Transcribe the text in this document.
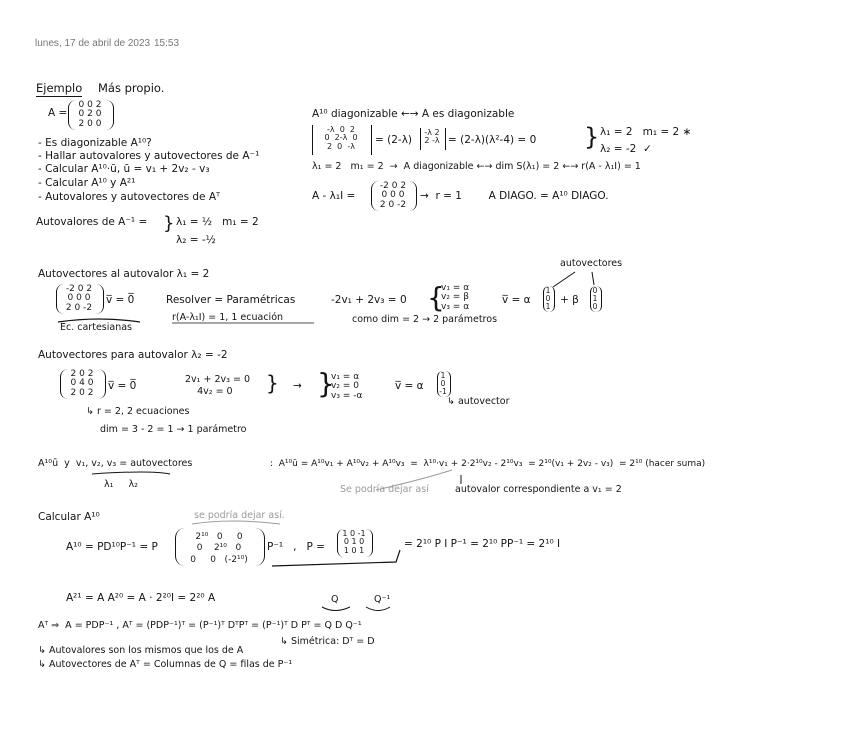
lunes, 17 de abril de 2023 15:53
Ejemplo Más propio.
A =
0 0 2
0 2 0
2 0 0
- Es diagonizable A¹⁰?
- Hallar autovalores y autovectores de A⁻¹
- Calcular A¹⁰·ū, ū = v₁ + 2v₂ - v₃
- Calcular A¹⁰ y A²¹
- Autovalores y autovectores de Aᵀ
Autovalores de A⁻¹ = } λ₁ = ½   m₁ = 2
λ₂ = -½
A¹⁰ diagonizable ←→ A es diagonizable
-λ  0  2
0  2-λ  0
2  0  -λ
= (2-λ)
-λ 2
2 -λ = (2-λ)(λ²-4) = 0 } λ₁ = 2   m₁ = 2 ∗
λ₂ = -2  ✓
λ₁ = 2   m₁ = 2  →  A diagonizable ←→ dim S(λ₁) = 2 ←→ r(A - λ₁I) = 1
A - λ₁I =
-2 0 2
0 0 0
2 0 -2
→  r = 1        A DIAGO. = A¹⁰ DIAGO.
Autovectores al autovalor λ₁ = 2
-2 0 2
0 0 0
2 0 -2
v̅ = 0̅
Ec. cartesianas
Resolver = Paramétricas
r(A-λ₁I) = 1, 1 ecuación
-2v₁ + 2v₃ = 0
como dim = 2 → 2 parámetros
{
v₁ = α
v₂ = β
v₃ = α
autovectores
v̅ = α
1
0
1
+ β
0
1
0
Autovectores para autovalor λ₂ = -2
2 0 2
0 4 0
2 0 2
v̅ = 0̅
2v₁ + 2v₃ = 0
4v₂ = 0	} → }
v₁ = α
v₂ = 0
v₃ = -α
v̅ = α
1
0
-1
↳ autovector
↳ r = 2, 2 ecuaciones
dim = 3 - 2 = 1 → 1 parámetro
A¹⁰ū  y  v₁, v₂, v₃ = autovectores
λ₁     λ₂
:  A¹⁰ū = A¹⁰v₁ + A¹⁰v₂ + A¹⁰v₃  =  λ¹⁰·v₁ + 2·2¹⁰v₂ - 2¹⁰v₃  = 2¹⁰(v₁ + 2v₂ - v₃)  = 2¹⁰ (hacer suma)
Se podría dejar así	autovalor correspondiente a v₁ = 2
Calcular A¹⁰	se podría dejar así.
A¹⁰ = PD¹⁰P⁻¹ = P
2¹⁰   0     0
0    2¹⁰   0
0     0   (-2¹⁰)
P⁻¹   ,   P =
1 0 -1
0 1 0
1 0 1
= 2¹⁰ P I P⁻¹ = 2¹⁰ PP⁻¹ = 2¹⁰ I
A²¹ = A A²⁰ = A · 2²⁰I = 2²⁰ A	Q	Q⁻¹
Aᵀ ⇒  A = PDP⁻¹ , Aᵀ = (PDP⁻¹)ᵀ = (P⁻¹)ᵀ DᵀPᵀ = (P⁻¹)ᵀ D Pᵀ = Q D Q⁻¹
↳ Simétrica: Dᵀ = D
↳ Autovalores son los mismos que los de A
↳ Autovectores de Aᵀ = Columnas de Q = filas de P⁻¹
